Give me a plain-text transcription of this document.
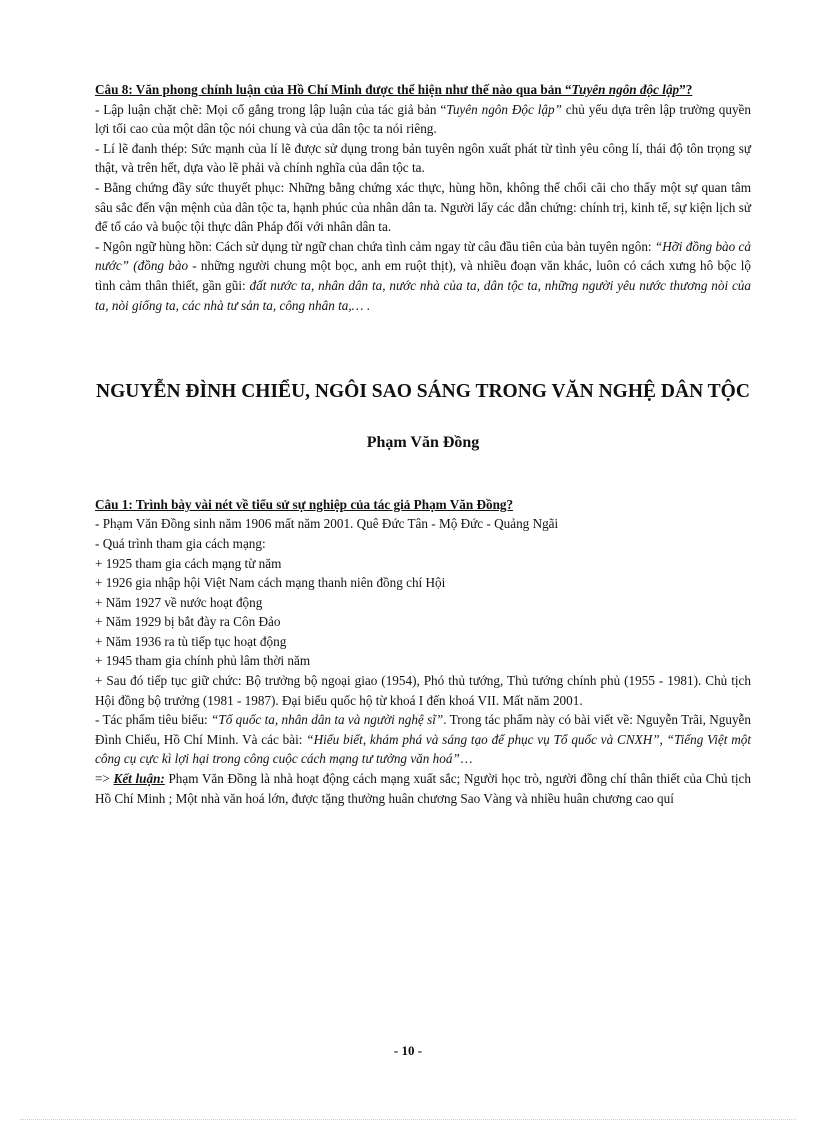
Câu 8: Văn phong chính luận của Hồ Chí Minh được thể hiện như thế nào qua bản “Tuyên ngôn độc lập”?

- Lập luận chặt chẽ: Mọi cố gắng trong lập luận của tác giả bản “Tuyên ngôn Độc lập” chủ yếu dựa trên lập trường quyền lợi tối cao của một dân tộc nói chung và của dân tộc ta nói riêng.

- Lí lẽ đanh thép: Sức mạnh của lí lẽ được sử dụng trong bản tuyên ngôn xuất phát từ tình yêu công lí, thái độ tôn trọng sự thật, và trên hết, dựa vào lẽ phải và chính nghĩa của dân tộc ta.

- Bằng chứng đầy sức thuyết phục: Những bằng chứng xác thực, hùng hồn, không thể chối cãi cho thấy một sự quan tâm sâu sắc đến vận mệnh của dân tộc ta, hạnh phúc của nhân dân ta. Người lấy các dẫn chứng: chính trị, kinh tế, sự kiện lịch sử để tố cáo và buộc tội thực dân Pháp đối với nhân dân ta.

- Ngôn ngữ hùng hồn: Cách sử dụng từ ngữ chan chứa tình cảm ngay từ câu đầu tiên của bản tuyên ngôn: “Hỡi đồng bào cả nước” (đồng bào - những người chung một bọc, anh em ruột thịt), và nhiều đoạn văn khác, luôn có cách xưng hô bộc lộ tình cảm thân thiết, gần gũi: đất nước ta, nhân dân ta, nước nhà của ta, dân tộc ta, những người yêu nước thương nòi của ta, nòi giống ta, các nhà tư sản ta, công nhân ta,… .

NGUYỄN ĐÌNH CHIỂU, NGÔI SAO SÁNG TRONG VĂN NGHỆ DÂN TỘC
Phạm Văn Đồng
Câu 1: Trình bày vài nét về tiểu sử sự nghiệp của tác giả Phạm Văn Đồng?
- Phạm Văn Đồng sinh năm 1906 mất năm 2001. Quê Đức Tân - Mộ Đức - Quảng Ngãi
- Quá trình tham gia cách mạng:
+ 1925 tham gia cách mạng từ năm
+ 1926 gia nhập hội Việt Nam cách mạng thanh niên đồng chí Hội
+ Năm 1927 về nước hoạt động
+ Năm 1929 bị bắt đày ra Côn Đảo
+ Năm 1936 ra tù tiếp tục hoạt động
+ 1945 tham gia chính phủ lâm thời năm

+ Sau đó tiếp tục giữ chức: Bộ trưởng bộ ngoại giao (1954), Phó thủ tướng, Thủ tướng chính phủ (1955 - 1981). Chủ tịch Hội đồng bộ trưởng (1981 - 1987). Đại biểu quốc hộ từ khoá I đến khoá VII. Mất năm 2001.

- Tác phẩm tiêu biểu: “Tổ quốc ta, nhân dân ta và người nghệ sĩ”. Trong tác phẩm này có bài viết về: Nguyễn Trãi, Nguyễn Đình Chiểu, Hồ Chí Minh. Và các bài: “Hiểu biết, khám phá và sáng tạo để phục vụ Tổ quốc và CNXH”, “Tiếng Việt một công cụ cực kì lợi hại trong công cuộc cách mạng tư tưởng văn hoá”…

=> Kết luận: Phạm Văn Đồng là nhà hoạt động cách mạng xuất sắc; Người học trò, người đồng chí thân thiết của Chủ tịch Hồ Chí Minh ; Một nhà văn hoá lớn, được tặng thưởng huân chương Sao Vàng và nhiều huân chương cao quí

- 10 -
